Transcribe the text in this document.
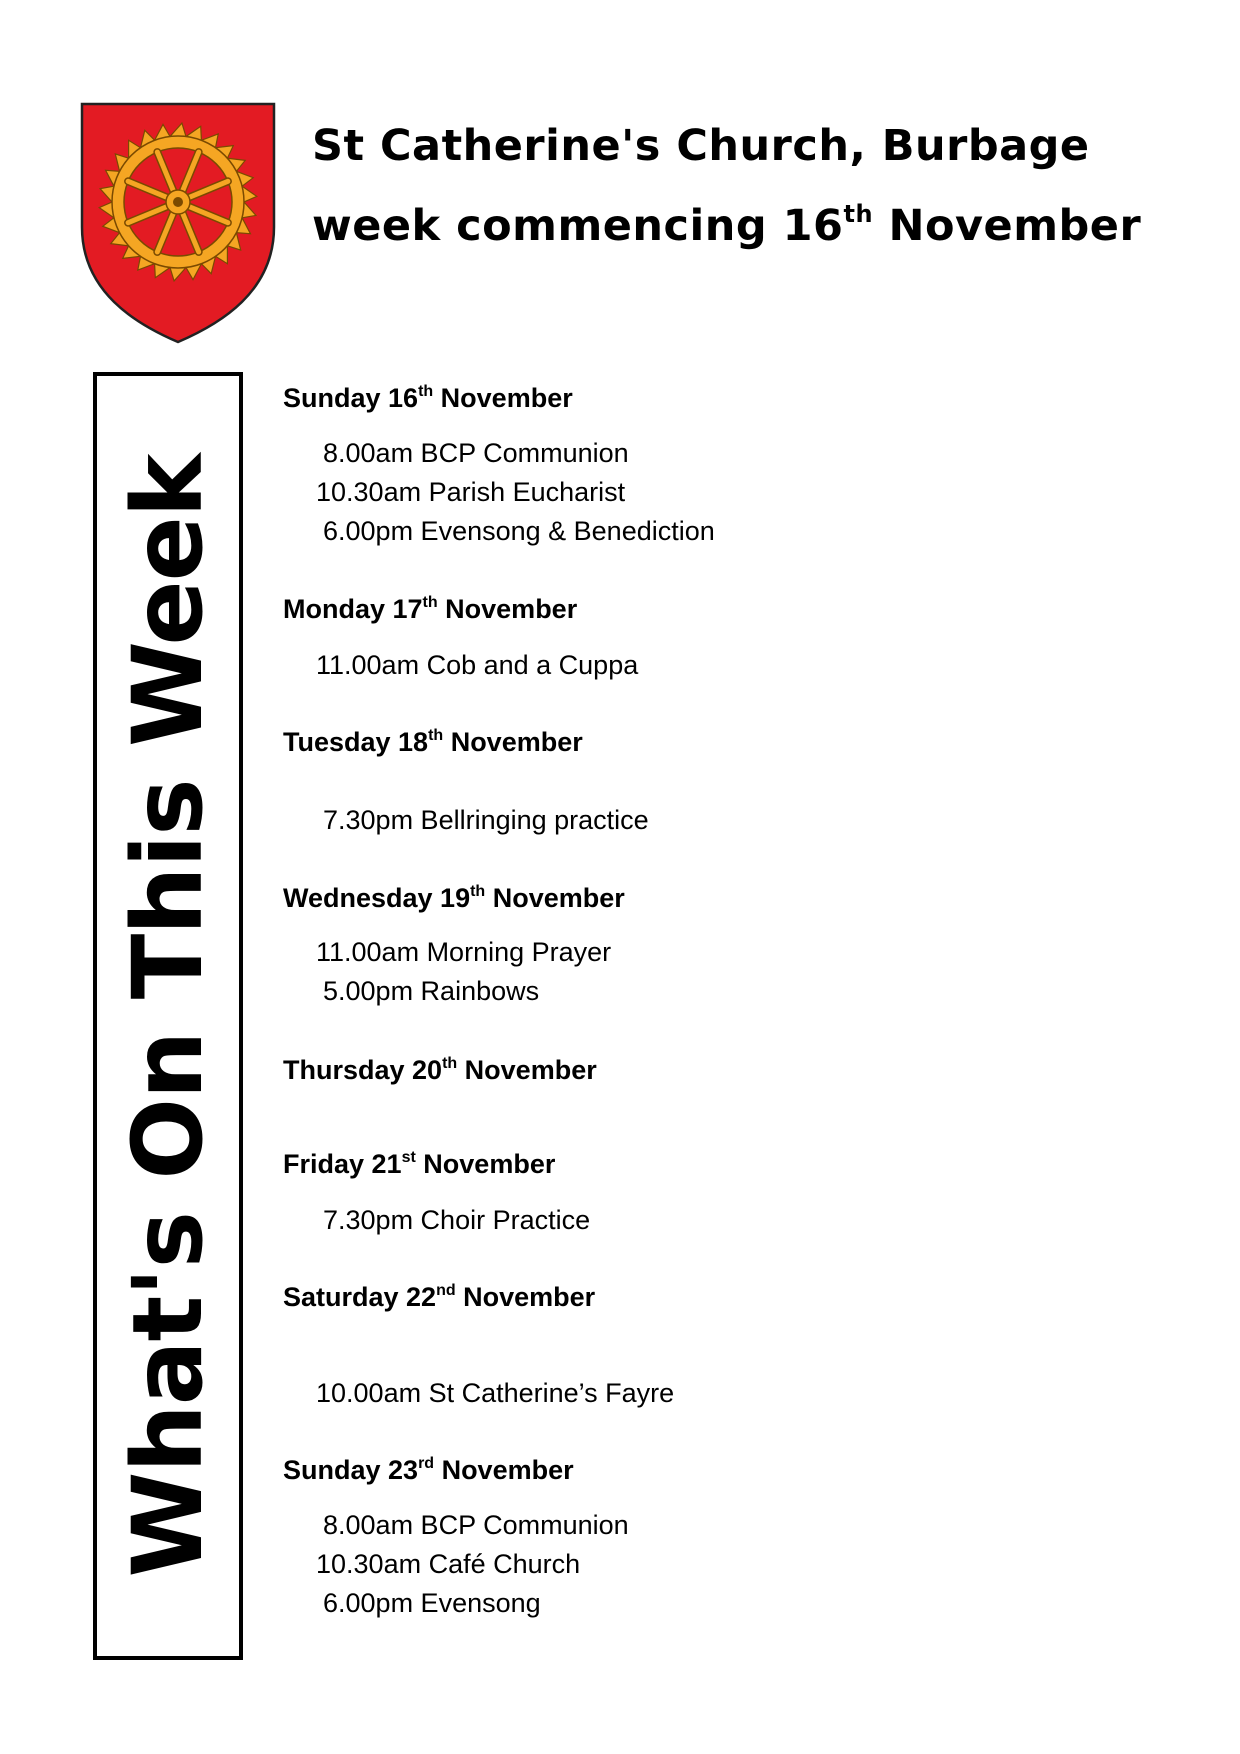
St Catherine's Church, Burbage
week commencing 16th November
What's On This Week
Sunday 16th November

8.00am BCP Communion

10.30am Parish Eucharist

6.00pm Evensong & Benediction

Monday 17th November

11.00am Cob and a Cuppa

Tuesday 18th November

7.30pm Bellringing practice

Wednesday 19th November

11.00am Morning Prayer

5.00pm Rainbows

Thursday 20th November
Friday 21st November

7.30pm Choir Practice

Saturday 22nd November

10.00am St Catherine’s Fayre

Sunday 23rd November

8.00am BCP Communion

10.30am Café Church

6.00pm Evensong
